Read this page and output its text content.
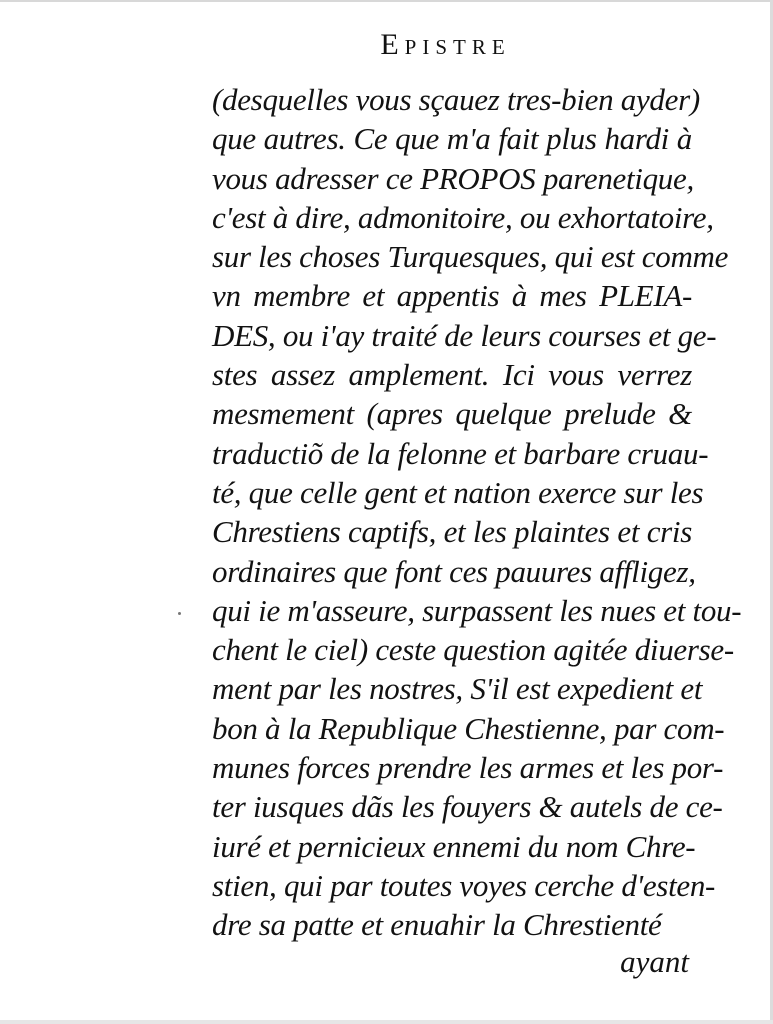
Epistre
(desquelles vous sçauez tres-bien ayder)
que autres. Ce que m'a fait plus hardi à
vous adresser ce PROPOS parenetique,
c'est à dire, admonitoire, ou exhortatoire,
sur les choses Turquesques, qui est comme
vn membre et appentis à mes PLEIA-
DES, ou i'ay traité de leurs courses et ge-
stes assez amplement. Ici vous verrez
mesmement (apres quelque prelude &
traductiõ de la felonne et barbare cruau-
té, que celle gent et nation exerce sur les
Chrestiens captifs, et les plaintes et cris
ordinaires que font ces pauures affligez,
qui ie m'asseure, surpassent les nues et tou-
chent le ciel) ceste question agitée diuerse-
ment par les nostres, S'il est expedient et
bon à la Republique Chestienne, par com-
munes forces prendre les armes et les por-
ter iusques dãs les fouyers & autels de ce-
iuré et pernicieux ennemi du nom Chre-
stien, qui par toutes voyes cerche d'esten-
dre sa patte et enuahir la Chrestienté
ayant
